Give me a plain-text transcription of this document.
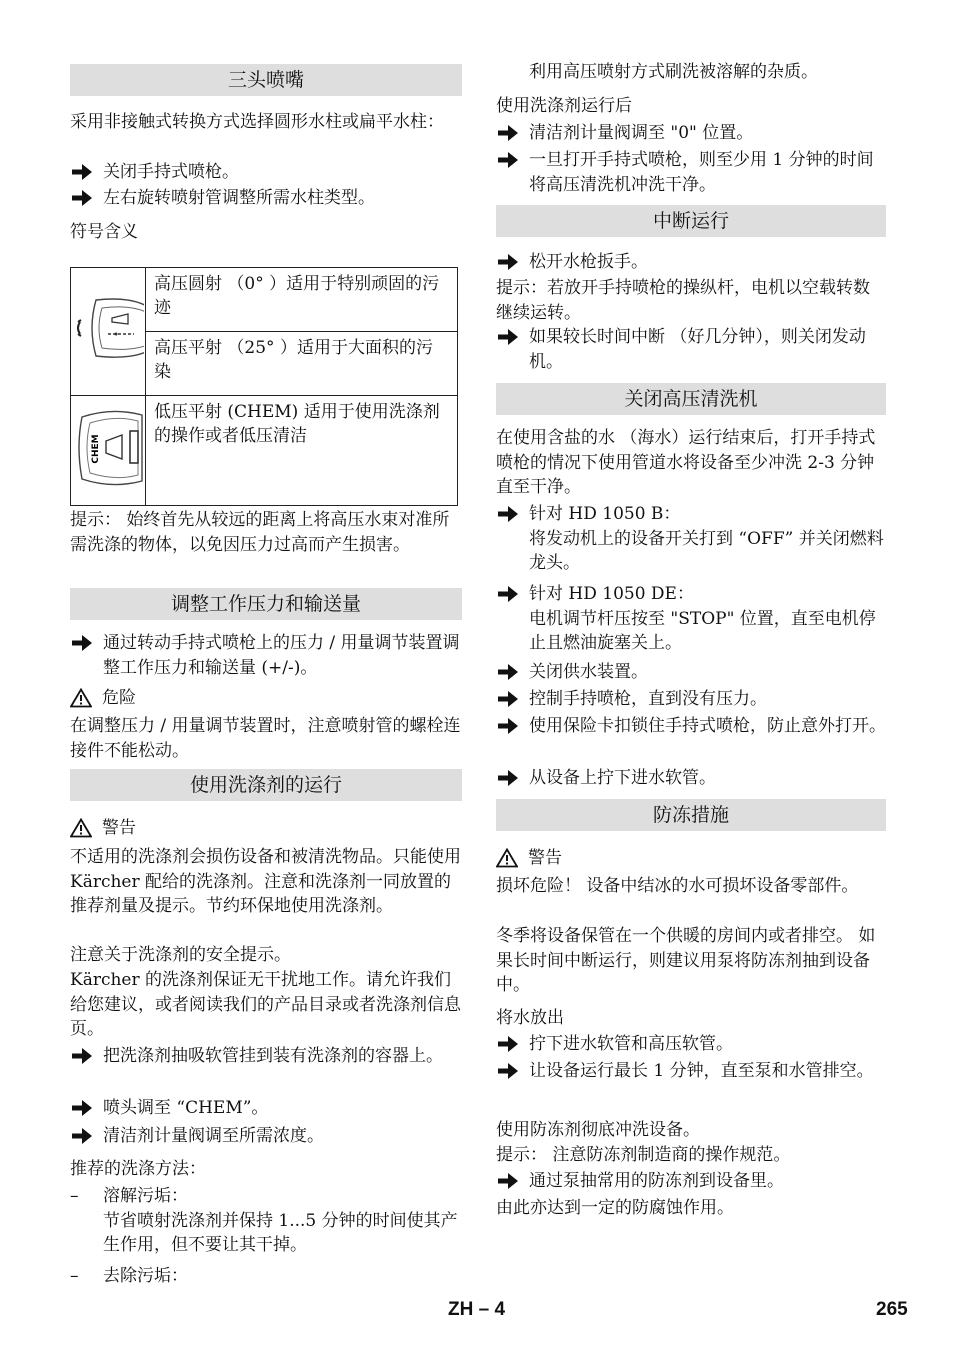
三头喷嘴
采用非接触式转换方式选择圆形水柱或扁平水柱：
关闭手持式喷枪。
左右旋转喷射管调整所需水柱类型。
符号含义
	高压圆射 （0° ）适用于特别顽固的污迹
	高压平射 （25° ）适用于大面积的污染

CHEM	低压平射 (CHEM) 适用于使用洗涤剂的操作或者低压清洁
提示： 始终首先从较远的距离上将高压水束对准所需洗涤的物体，以免因压力过高而产生损害。
调整工作压力和输送量
通过转动手持式喷枪上的压力 / 用量调节装置调整工作压力和输送量 (+/-)。
危险
在调整压力 / 用量调节装置时，注意喷射管的螺栓连接件不能松动。
使用洗涤剂的运行
警告
不适用的洗涤剂会损伤设备和被清洗物品。只能使用 Kärcher 配给的洗涤剂。注意和洗涤剂一同放置的推荐剂量及提示。节约环保地使用洗涤剂。
注意关于洗涤剂的安全提示。
Kärcher 的洗涤剂保证无干扰地工作。请允许我们给您建议，或者阅读我们的产品目录或者洗涤剂信息页。
把洗涤剂抽吸软管挂到装有洗涤剂的容器上。
喷头调至 “CHEM”。
清洁剂计量阀调至所需浓度。
推荐的洗涤方法：
– 溶解污垢：
节省喷射洗涤剂并保持 1...5 分钟的时间使其产生作用，但不要让其干掉。
– 去除污垢：
利用高压喷射方式刷洗被溶解的杂质。
使用洗涤剂运行后
清洁剂计量阀调至 "0" 位置。
一旦打开手持式喷枪，则至少用 1 分钟的时间将高压清洗机冲洗干净。
中断运行
松开水枪扳手。
提示：若放开手持喷枪的操纵杆，电机以空载转数继续运转。
如果较长时间中断 （好几分钟），则关闭发动机。
关闭高压清洗机
在使用含盐的水 （海水）运行结束后，打开手持式喷枪的情况下使用管道水将设备至少冲洗 2-3 分钟直至干净。
针对 HD 1050 B：
将发动机上的设备开关打到 “OFF” 并关闭燃料龙头。
针对 HD 1050 DE：
电机调节杆压按至 "STOP" 位置，直至电机停止且燃油旋塞关上。
关闭供水装置。
控制手持喷枪，直到没有压力。
使用保险卡扣锁住手持式喷枪，防止意外打开。
从设备上拧下进水软管。
防冻措施
警告
损坏危险！ 设备中结冰的水可损坏设备零部件。
冬季将设备保管在一个供暖的房间内或者排空。 如果长时间中断运行，则建议用泵将防冻剂抽到设备中。
将水放出
拧下进水软管和高压软管。
让设备运行最长 1 分钟，直至泵和水管排空。
使用防冻剂彻底冲洗设备。
提示： 注意防冻剂制造商的操作规范。
通过泵抽常用的防冻剂到设备里。
由此亦达到一定的防腐蚀作用。
ZH – 4	265
